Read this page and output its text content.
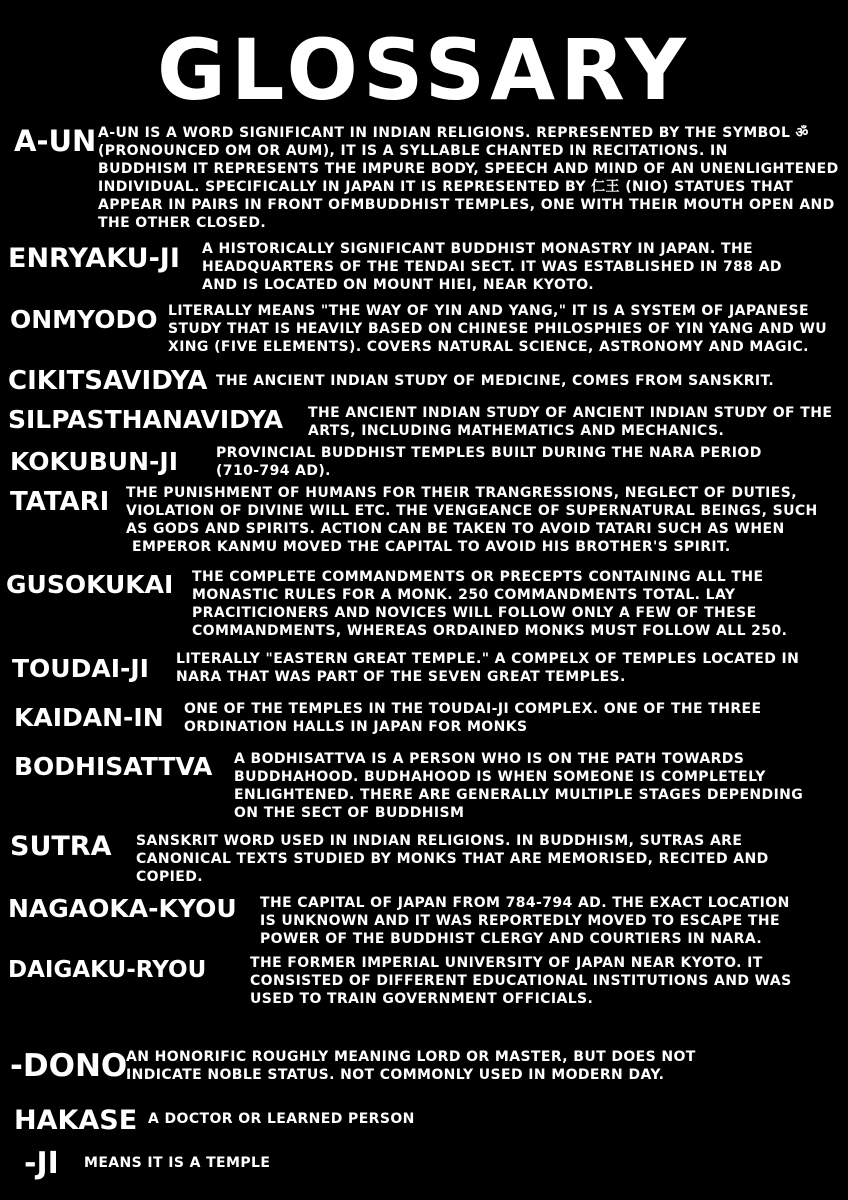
GLOSSARY
A-UN A-UN IS A WORD SIGNIFICANT IN INDIAN RELIGIONS. REPRESENTED BY THE SYMBOL ॐ
(PRONOUNCED OM OR AUM), IT IS A SYLLABLE CHANTED IN RECITATIONS. IN
BUDDHISM IT REPRESENTS THE IMPURE BODY, SPEECH AND MIND OF AN UNENLIGHTENED
INDIVIDUAL. SPECIFICALLY IN JAPAN IT IS REPRESENTED BY 仁王 (NIO) STATUES THAT
APPEAR IN PAIRS IN FRONT OFMBUDDHIST TEMPLES, ONE WITH THEIR MOUTH OPEN AND
THE OTHER CLOSED.

ENRYAKU-JI A HISTORICALLY SIGNIFICANT BUDDHIST MONASTRY IN JAPAN. THE
HEADQUARTERS OF THE TENDAI SECT. IT WAS ESTABLISHED IN 788 AD
AND IS LOCATED ON MOUNT HIEI, NEAR KYOTO.

ONMYODO LITERALLY MEANS "THE WAY OF YIN AND YANG," IT IS A SYSTEM OF JAPANESE
STUDY THAT IS HEAVILY BASED ON CHINESE PHILOSPHIES OF YIN YANG AND WU
XING (FIVE ELEMENTS). COVERS NATURAL SCIENCE, ASTRONOMY AND MAGIC.

CIKITSAVIDYA THE ANCIENT INDIAN STUDY OF MEDICINE, COMES FROM SANSKRIT.

SILPASTHANAVIDYA THE ANCIENT INDIAN STUDY OF ANCIENT INDIAN STUDY OF THE
ARTS, INCLUDING MATHEMATICS AND MECHANICS.

KOKUBUN-JI	PROVINCIAL BUDDHIST TEMPLES BUILT DURING THE NARA PERIOD
(710-794 AD).

TATARI THE PUNISHMENT OF HUMANS FOR THEIR TRANGRESSIONS, NEGLECT OF DUTIES,
VIOLATION OF DIVINE WILL ETC. THE VENGEANCE OF SUPERNATURAL BEINGS, SUCH
AS GODS AND SPIRITS. ACTION CAN BE TAKEN TO AVOID TATARI SUCH AS WHEN
EMPEROR KANMU MOVED THE CAPITAL TO AVOID HIS BROTHER'S SPIRIT.

GUSOKUKAI THE COMPLETE COMMANDMENTS OR PRECEPTS CONTAINING ALL THE
MONASTIC RULES FOR A MONK. 250 COMMANDMENTS TOTAL. LAY
PRACITICIONERS AND NOVICES WILL FOLLOW ONLY A FEW OF THESE
COMMANDMENTS, WHEREAS ORDAINED MONKS MUST FOLLOW ALL 250.

TOUDAI-JI LITERALLY "EASTERN GREAT TEMPLE." A COMPELX OF TEMPLES LOCATED IN
NARA THAT WAS PART OF THE SEVEN GREAT TEMPLES.

KAIDAN-IN ONE OF THE TEMPLES IN THE TOUDAI-JI COMPLEX. ONE OF THE THREE
ORDINATION HALLS IN JAPAN FOR MONKS

BODHISATTVA A BODHISATTVA IS A PERSON WHO IS ON THE PATH TOWARDS
BUDDHAHOOD. BUDHAHOOD IS WHEN SOMEONE IS COMPLETELY
ENLIGHTENED. THERE ARE GENERALLY MULTIPLE STAGES DEPENDING
ON THE SECT OF BUDDHISM

SUTRA SANSKRIT WORD USED IN INDIAN RELIGIONS. IN BUDDHISM, SUTRAS ARE
CANONICAL TEXTS STUDIED BY MONKS THAT ARE MEMORISED, RECITED AND
COPIED.

NAGAOKA-KYOU THE CAPITAL OF JAPAN FROM 784-794 AD. THE EXACT LOCATION
IS UNKNOWN AND IT WAS REPORTEDLY MOVED TO ESCAPE THE
POWER OF THE BUDDHIST CLERGY AND COURTIERS IN NARA.

DAIGAKU-RYOU	THE FORMER IMPERIAL UNIVERSITY OF JAPAN NEAR KYOTO. IT
CONSISTED OF DIFFERENT EDUCATIONAL INSTITUTIONS AND WAS
USED TO TRAIN GOVERNMENT OFFICIALS.

-DONO

AN HONORIFIC ROUGHLY MEANING LORD OR MASTER, BUT DOES NOT
INDICATE NOBLE STATUS. NOT COMMONLY USED IN MODERN DAY.

HAKASE A DOCTOR OR LEARNED PERSON

-JI MEANS IT IS A TEMPLE
